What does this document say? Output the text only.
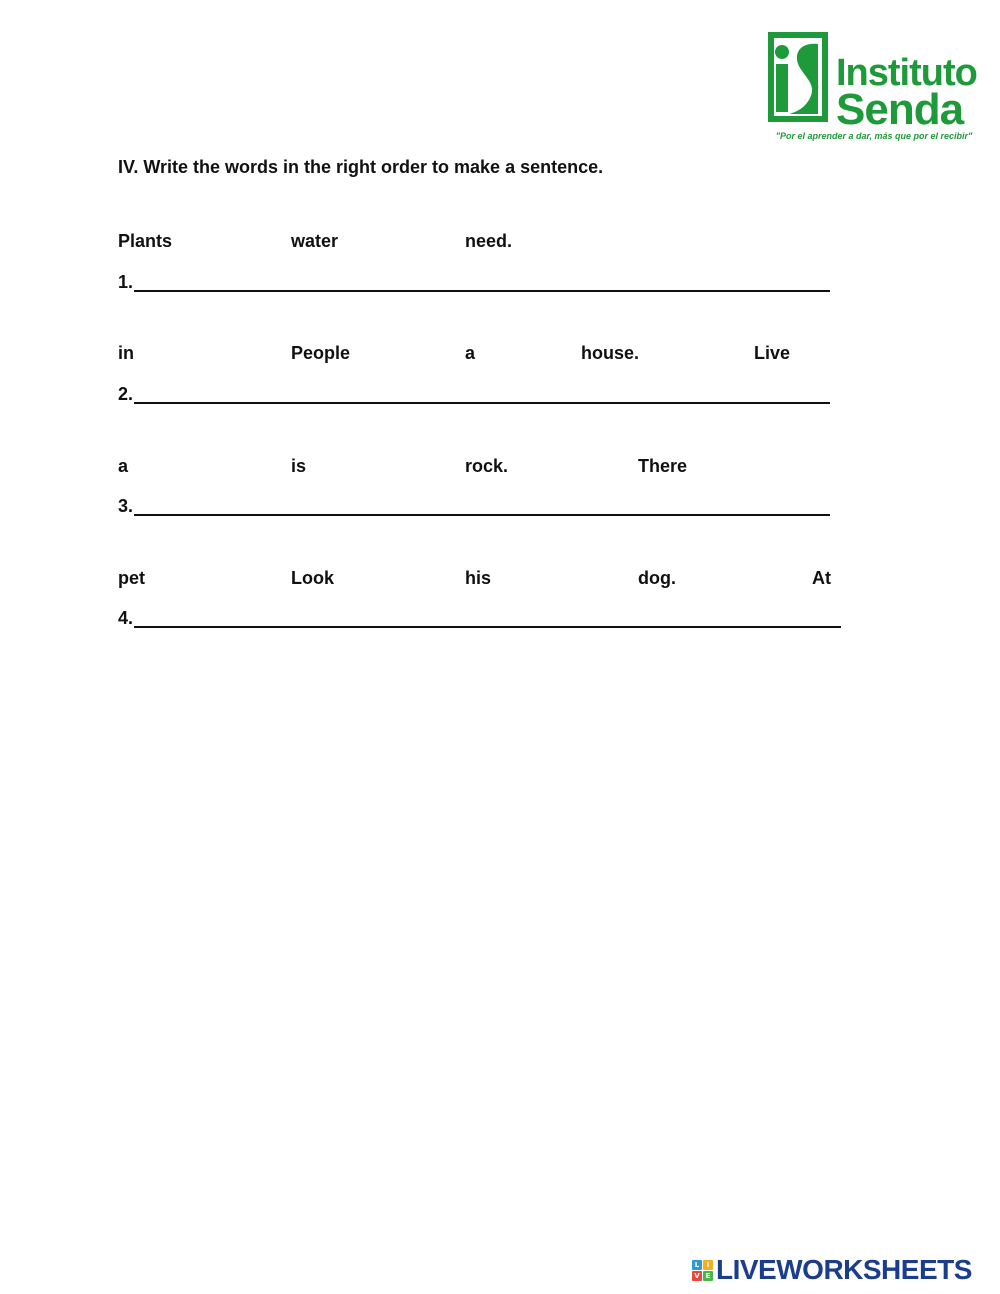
Instituto
Senda
"Por el aprender a dar, más que por el recibir"
IV. Write the words in the right order to make a sentence.
Plants	water	need.
1.
in	People	a	house.	Live
2.
a	is	rock.	There
3.
pet	Look	his	dog.	At
4.
L	I
V E LIVEWORKSHEETS
